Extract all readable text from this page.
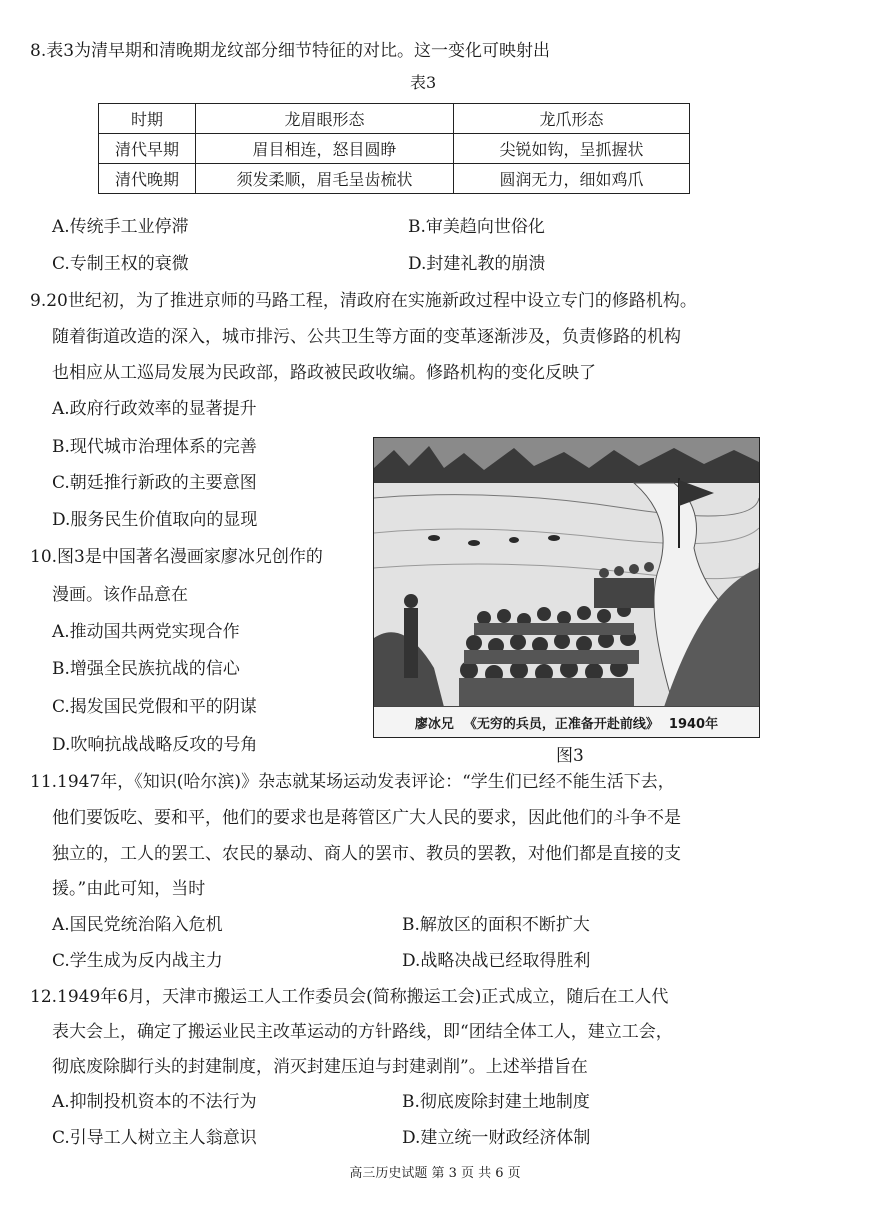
8.表3为清早期和清晚期龙纹部分细节特征的对比。这一变化可映射出
表3
时期	龙眉眼形态	龙爪形态
清代早期	眉目相连，怒目圆睁	尖锐如钩，呈抓握状
清代晚期	须发柔顺，眉毛呈齿梳状	圆润无力，细如鸡爪
A.传统手工业停滞	B.审美趋向世俗化
C.专制王权的衰微	D.封建礼教的崩溃
9.20世纪初，为了推进京师的马路工程，清政府在实施新政过程中设立专门的修路机构。
随着街道改造的深入，城市排污、公共卫生等方面的变革逐渐涉及，负责修路的机构
也相应从工巡局发展为民政部，路政被民政收编。修路机构的变化反映了
A.政府行政效率的显著提升
B.现代城市治理体系的完善
C.朝廷推行新政的主要意图
D.服务民生价值取向的显现
10.图3是中国著名漫画家廖冰兄创作的
漫画。该作品意在
A.推动国共两党实现合作
B.增强全民族抗战的信心
C.揭发国民党假和平的阴谋
D.吹响抗战战略反攻的号角
廖冰兄 《无穷的兵员，正准备开赴前线》 1940年
图3
11.1947年，《知识(哈尔滨)》杂志就某场运动发表评论：“学生们已经不能生活下去，
他们要饭吃、要和平，他们的要求也是蒋管区广大人民的要求，因此他们的斗争不是
独立的，工人的罢工、农民的暴动、商人的罢市、教员的罢教，对他们都是直接的支
援。”由此可知，当时
A.国民党统治陷入危机	B.解放区的面积不断扩大
C.学生成为反内战主力	D.战略决战已经取得胜利
12.1949年6月，天津市搬运工人工作委员会(简称搬运工会)正式成立，随后在工人代
表大会上，确定了搬运业民主改革运动的方针路线，即“团结全体工人，建立工会，
彻底废除脚行头的封建制度，消灭封建压迫与封建剥削”。上述举措旨在
A.抑制投机资本的不法行为	B.彻底废除封建土地制度
C.引导工人树立主人翁意识	D.建立统一财政经济体制
高三历史试题 第 3 页 共 6 页
